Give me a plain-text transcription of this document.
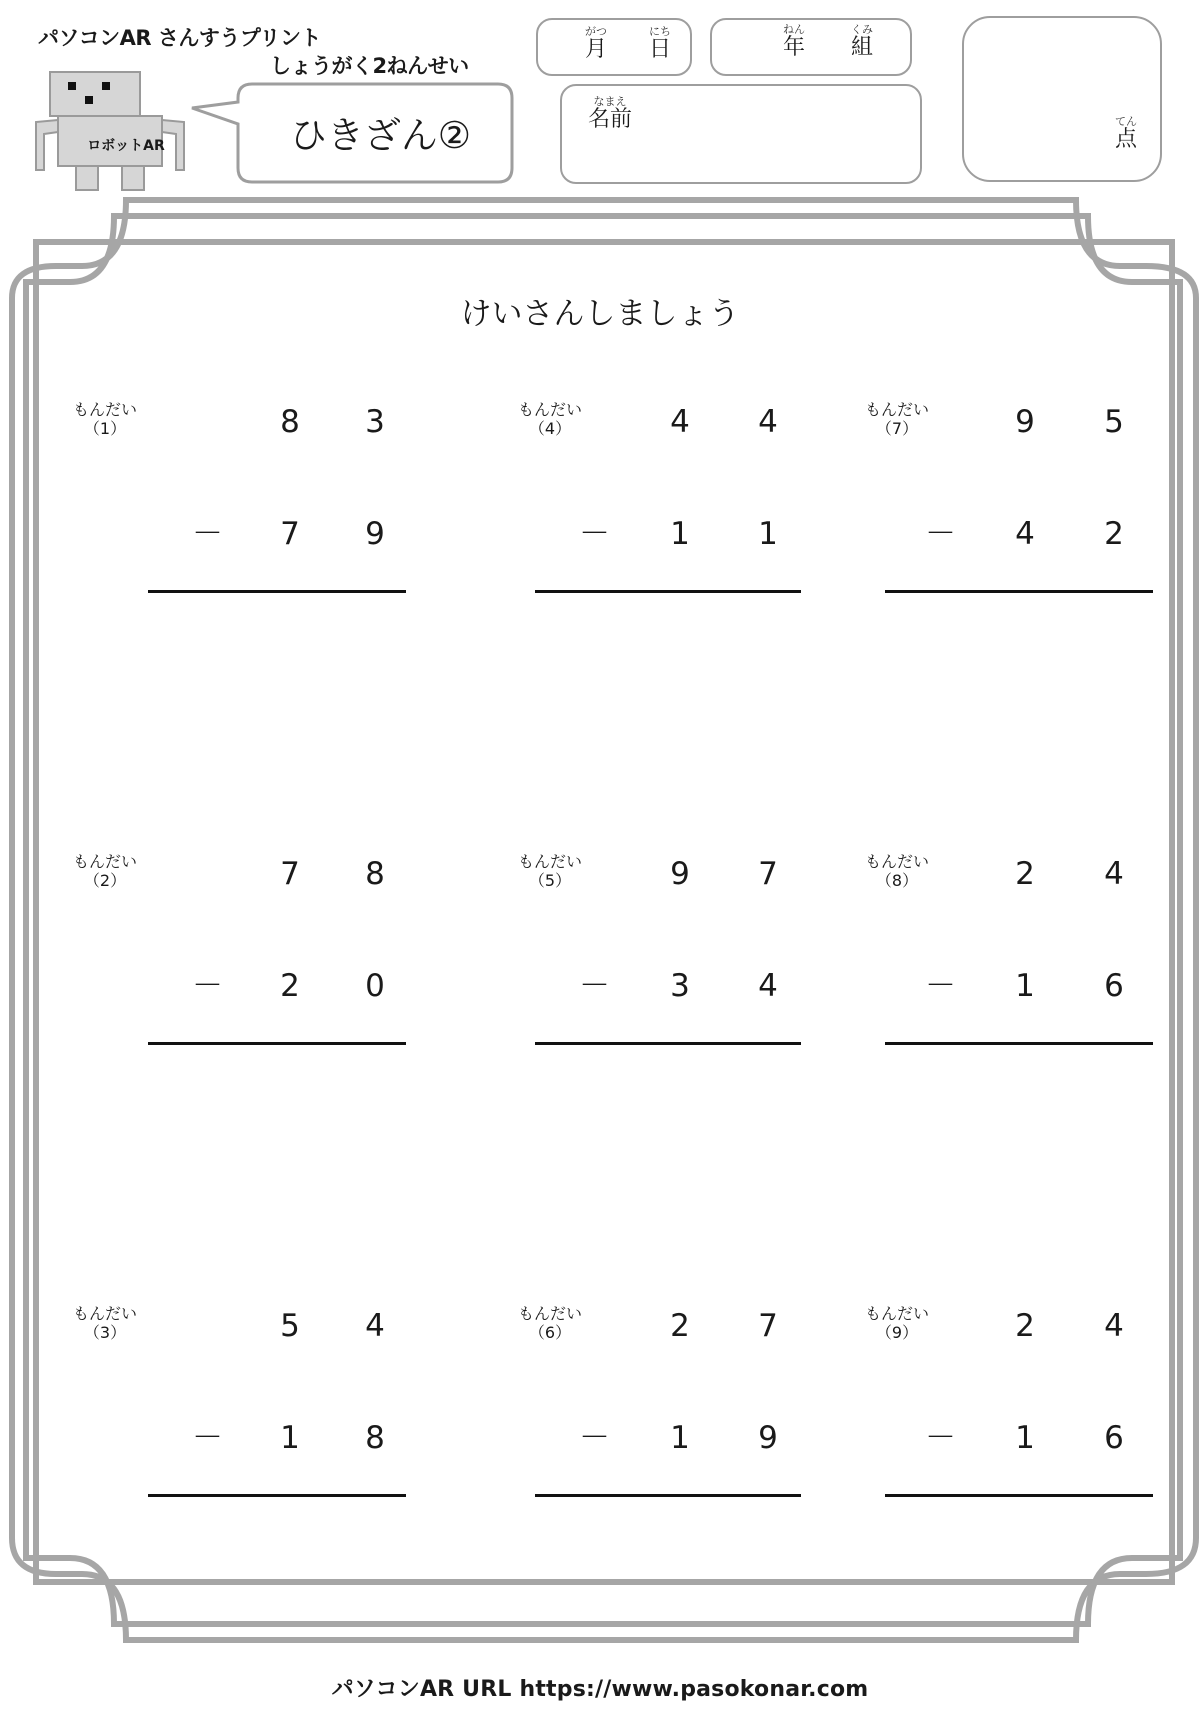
パソコンAR さんすうプリント
しょうがく2ねんせい
ロボットAR	ひきざん②
がつ
月
にち
日
ねん
年
くみ
組
なまえ
名前	てん
点
けいさんしましょう
もんだい
（1）	8 3
－ 7 9
もんだい
（2）	7 8
－ 2 0
もんだい
（3）	5 4
－ 1 8
もんだい
（4）	4 4
－ 1 1
もんだい
（5）	9 7
－ 3 4
もんだい
（6）	2 7
－ 1 9
もんだい
（7）	9 5
－ 4 2
もんだい
（8）	2 4
－ 1 6
もんだい
（9）	2 4
－ 1 6
パソコンAR URL https://www.pasokonar.com
